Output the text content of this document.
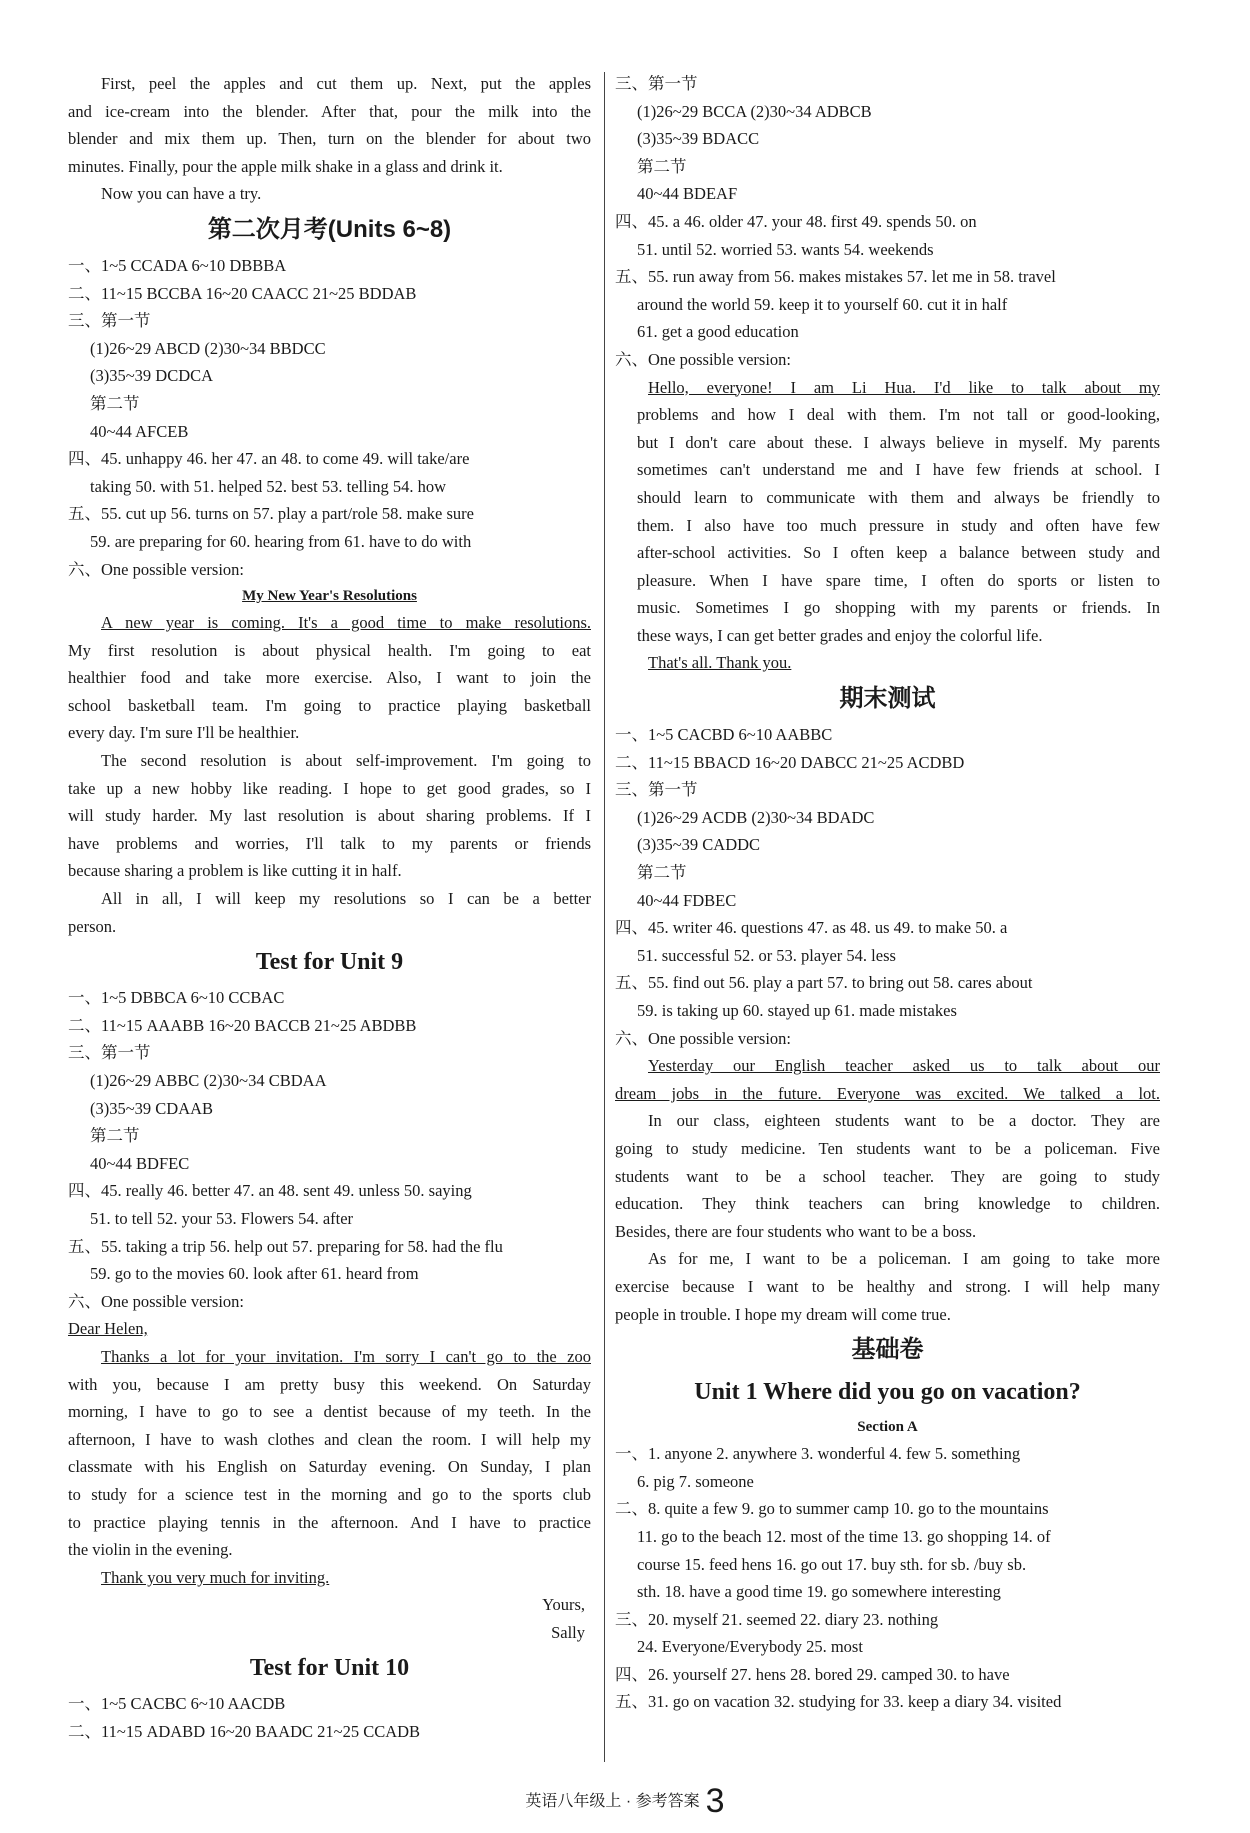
First, peel the apples and cut them up. Next, put the apples
and ice-cream into the blender. After that, pour the milk into the
blender and mix them up. Then, turn on the blender for about two
minutes. Finally, pour the apple milk shake in a glass and drink it.
Now you can have a try.
第二次月考(Units 6~8)
一、1~5 CCADA 6~10 DBBBA
二、11~15 BCCBA 16~20 CAACC 21~25 BDDAB
三、第一节
(1)26~29 ABCD (2)30~34 BBDCC
(3)35~39 DCDCA
第二节
40~44 AFCEB
四、45. unhappy 46. her 47. an 48. to come 49. will take/are
taking 50. with 51. helped 52. best 53. telling 54. how
五、55. cut up 56. turns on 57. play a part/role 58. make sure
59. are preparing for 60. hearing from 61. have to do with
六、One possible version:
My New Year's Resolutions
A new year is coming. It's a good time to make resolutions.
My first resolution is about physical health. I'm going to eat
healthier food and take more exercise. Also, I want to join the
school basketball team. I'm going to practice playing basketball
every day. I'm sure I'll be healthier.
The second resolution is about self-improvement. I'm going to
take up a new hobby like reading. I hope to get good grades, so I
will study harder. My last resolution is about sharing problems. If I
have problems and worries, I'll talk to my parents or friends
because sharing a problem is like cutting it in half.
All in all, I will keep my resolutions so I can be a better
person.
Test for Unit 9
一、1~5 DBBCA 6~10 CCBAC
二、11~15 AAABB 16~20 BACCB 21~25 ABDBB
三、第一节
(1)26~29 ABBC (2)30~34 CBDAA
(3)35~39 CDAAB
第二节
40~44 BDFEC
四、45. really 46. better 47. an 48. sent 49. unless 50. saying
51. to tell 52. your 53. Flowers 54. after
五、55. taking a trip 56. help out 57. preparing for 58. had the flu
59. go to the movies 60. look after 61. heard from
六、One possible version:
Dear Helen,
Thanks a lot for your invitation. I'm sorry I can't go to the zoo
with you, because I am pretty busy this weekend. On Saturday
morning, I have to go to see a dentist because of my teeth. In the
afternoon, I have to wash clothes and clean the room. I will help my
classmate with his English on Saturday evening. On Sunday, I plan
to study for a science test in the morning and go to the sports club
to practice playing tennis in the afternoon. And I have to practice
the violin in the evening.
Thank you very much for inviting.
Yours,
Sally
Test for Unit 10
一、1~5 CACBC 6~10 AACDB
二、11~15 ADABD 16~20 BAADC 21~25 CCADB
三、第一节
(1)26~29 BCCA (2)30~34 ADBCB
(3)35~39 BDACC
第二节
40~44 BDEAF
四、45. a 46. older 47. your 48. first 49. spends 50. on
51. until 52. worried 53. wants 54. weekends
五、55. run away from 56. makes mistakes 57. let me in 58. travel
around the world 59. keep it to yourself 60. cut it in half
61. get a good education
六、One possible version:
Hello, everyone! I am Li Hua. I'd like to talk about my
problems and how I deal with them. I'm not tall or good-looking,
but I don't care about these. I always believe in myself. My parents
sometimes can't understand me and I have few friends at school. I
should learn to communicate with them and always be friendly to
them. I also have too much pressure in study and often have few
after-school activities. So I often keep a balance between study and
pleasure. When I have spare time, I often do sports or listen to
music. Sometimes I go shopping with my parents or friends. In
these ways, I can get better grades and enjoy the colorful life.
That's all. Thank you.
期末测试
一、1~5 CACBD 6~10 AABBC
二、11~15 BBACD 16~20 DABCC 21~25 ACDBD
三、第一节
(1)26~29 ACDB (2)30~34 BDADC
(3)35~39 CADDC
第二节
40~44 FDBEC
四、45. writer 46. questions 47. as 48. us 49. to make 50. a
51. successful 52. or 53. player 54. less
五、55. find out 56. play a part 57. to bring out 58. cares about
59. is taking up 60. stayed up 61. made mistakes
六、One possible version:
Yesterday our English teacher asked us to talk about our
dream jobs in the future. Everyone was excited. We talked a lot.
In our class, eighteen students want to be a doctor. They are
going to study medicine. Ten students want to be a policeman. Five
students want to be a school teacher. They are going to study
education. They think teachers can bring knowledge to children.
Besides, there are four students who want to be a boss.
As for me, I want to be a policeman. I am going to take more
exercise because I want to be healthy and strong. I will help many
people in trouble. I hope my dream will come true.
基础卷
Unit 1 Where did you go on vacation?
Section A
一、1. anyone 2. anywhere 3. wonderful 4. few 5. something
6. pig 7. someone
二、8. quite a few 9. go to summer camp 10. go to the mountains
11. go to the beach 12. most of the time 13. go shopping 14. of
course 15. feed hens 16. go out 17. buy sth. for sb. /buy sb.
sth. 18. have a good time 19. go somewhere interesting
三、20. myself 21. seemed 22. diary 23. nothing
24. Everyone/Everybody 25. most
四、26. yourself 27. hens 28. bored 29. camped 30. to have
五、31. go on vacation 32. studying for 33. keep a diary 34. visited
英语八年级上 · 参考答案 3
